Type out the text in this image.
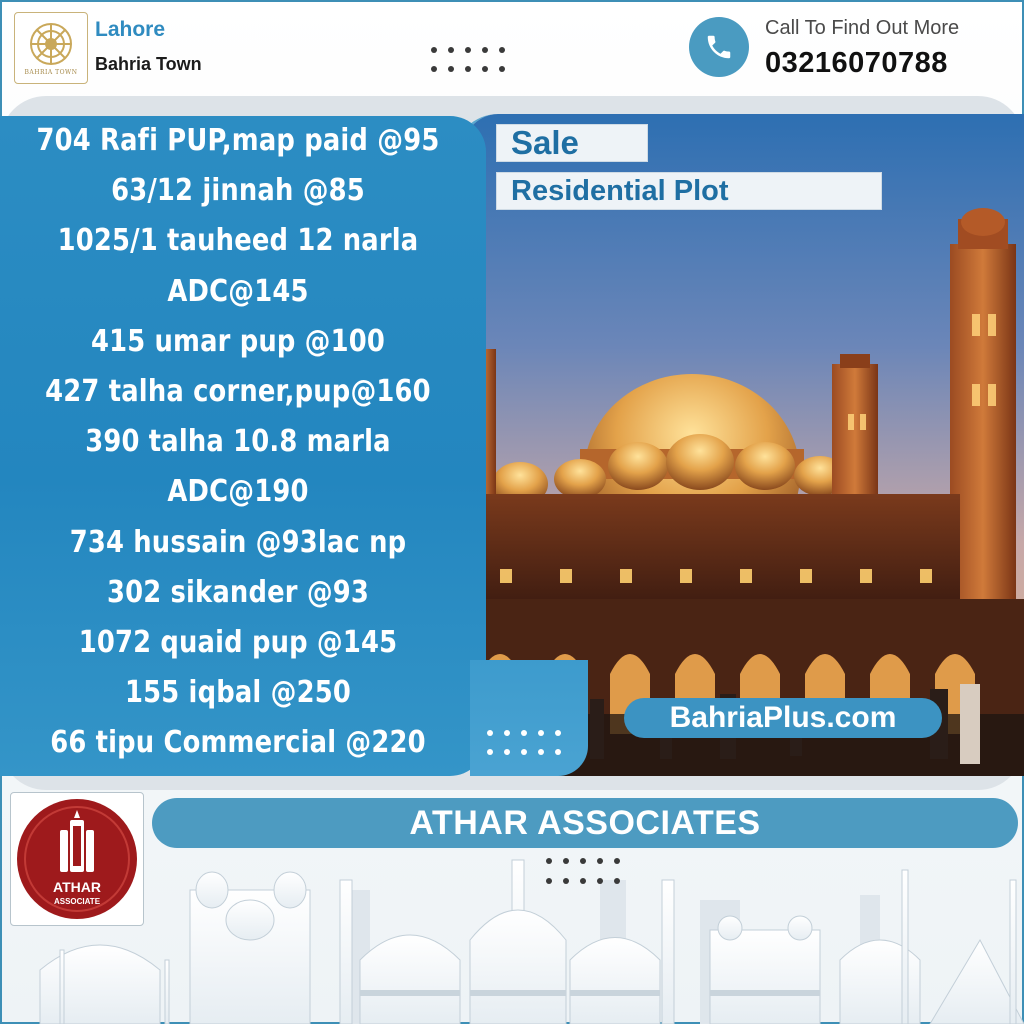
BAHRIA TOWN
Lahore
Bahria Town
Call To Find Out More
03216070788
704 Rafi PUP,map paid @95
63/12 jinnah @85
1025/1 tauheed 12 narla
ADC@145
415 umar pup @100
427 talha corner,pup@160
390 talha 10.8 marla
ADC@190
734 hussain @93lac np
302 sikander @93
1072 quaid pup @145
155 iqbal @250
66 tipu Commercial @220
Sale
Residential Plot
BahriaPlus.com
ATHAR
ASSOCIATE
ATHAR ASSOCIATES
